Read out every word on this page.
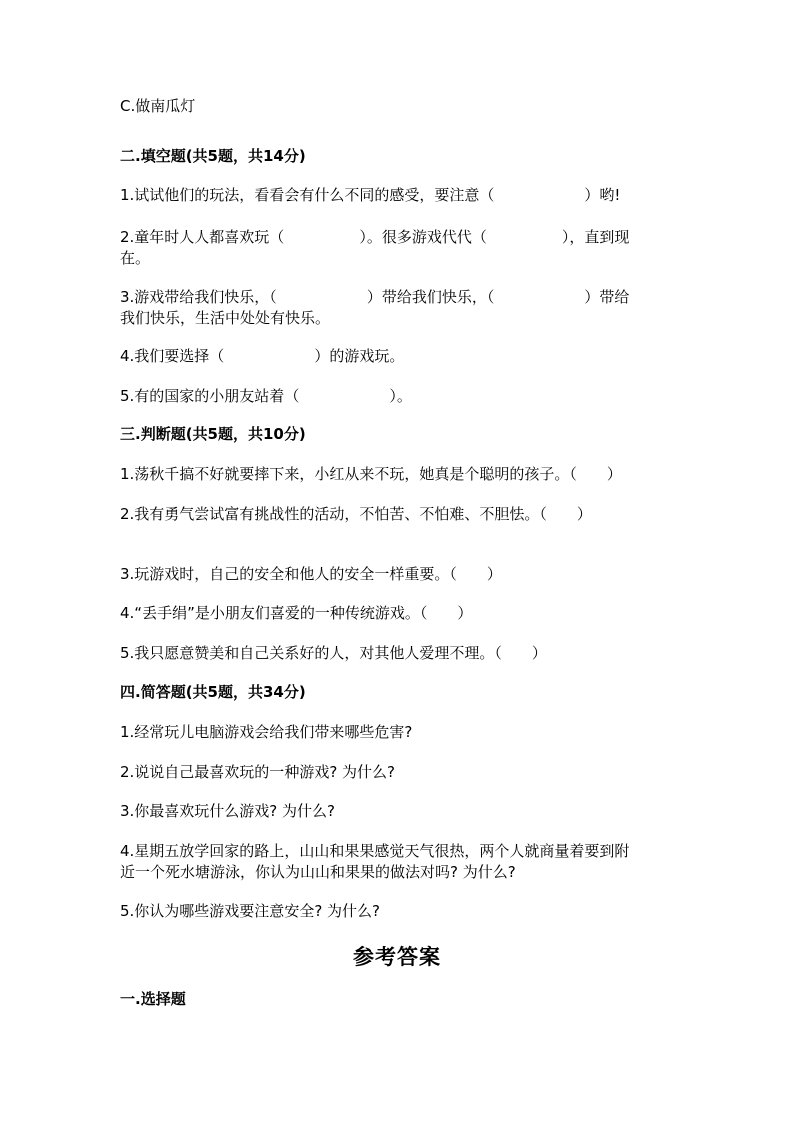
C.做南瓜灯
二.填空题(共5题，共14分)
1.试试他们的玩法，看看会有什么不同的感受，要注意（　　　　　　）哟!
2.童年时人人都喜欢玩（　　　　　）。很多游戏代代（　　　　　），直到现
在。
3.游戏带给我们快乐，（　　　　　　）带给我们快乐，（　　　　　　）带给
我们快乐，生活中处处有快乐。
4.我们要选择（　　　　　　）的游戏玩。
5.有的国家的小朋友站着（　　　　　　）。
三.判断题(共5题，共10分)
1.荡秋千搞不好就要摔下来，小红从来不玩，她真是个聪明的孩子。（　　）
2.我有勇气尝试富有挑战性的活动，不怕苦、不怕难、不胆怯。（　　）
3.玩游戏时，自己的安全和他人的安全一样重要。（　　）
4.“丢手绢”是小朋友们喜爱的一种传统游戏。（　　）
5.我只愿意赞美和自己关系好的人，对其他人爱理不理。（　　）
四.简答题(共5题，共34分)
1.经常玩儿电脑游戏会给我们带来哪些危害?
2.说说自己最喜欢玩的一种游戏? 为什么?
3.你最喜欢玩什么游戏? 为什么?
4.星期五放学回家的路上，山山和果果感觉天气很热，两个人就商量着要到附
近一个死水塘游泳，你认为山山和果果的做法对吗? 为什么?
5.你认为哪些游戏要注意安全? 为什么?
参考答案
一.选择题
